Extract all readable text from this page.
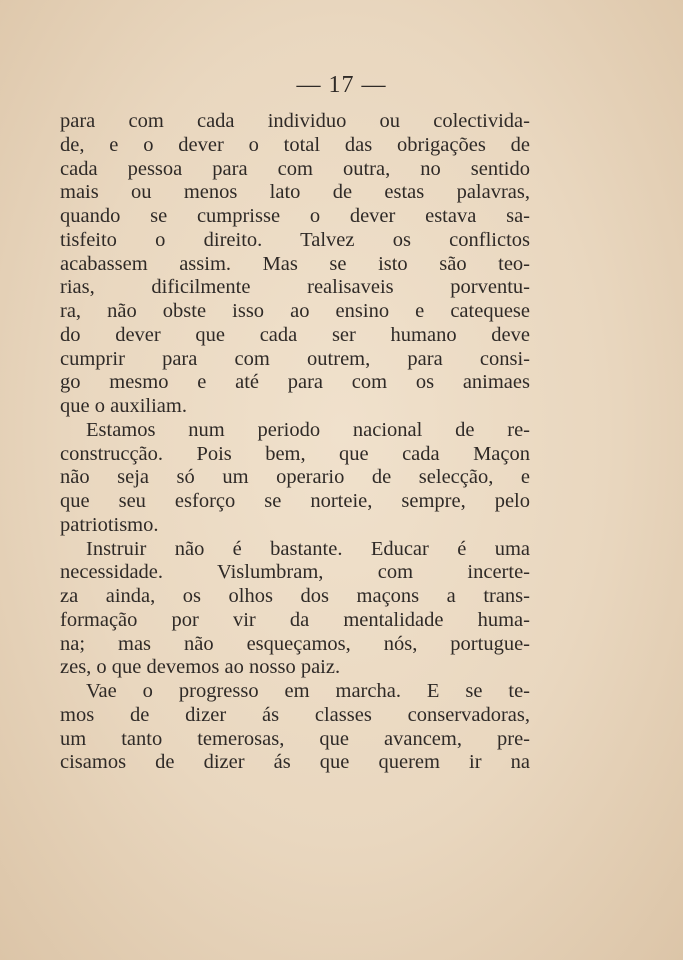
— 17 —
para com cada individuo ou colectivida-
de, e o dever o total das obrigações de
cada pessoa para com outra, no sentido
mais ou menos lato de estas palavras,
quando se cumprisse o dever estava sa-
tisfeito o direito. Talvez os conflictos
acabassem assim. Mas se isto são teo-
rias, dificilmente realisaveis porventu-
ra, não obste isso ao ensino e catequese
do dever que cada ser humano deve
cumprir para com outrem, para consi-
go mesmo e até para com os animaes
que o auxiliam.
Estamos num periodo nacional de re-
construcção. Pois bem, que cada Maçon
não seja só um operario de selecção, e
que seu esforço se norteie, sempre, pelo
patriotismo.
Instruir não é bastante. Educar é uma
necessidade. Vislumbram, com incerte-
za ainda, os olhos dos maçons a trans-
formação por vir da mentalidade huma-
na; mas não esqueçamos, nós, portugue-
zes, o que devemos ao nosso paiz.
Vae o progresso em marcha. E se te-
mos de dizer ás classes conservadoras,
um tanto temerosas, que avancem, pre-
cisamos de dizer ás que querem ir na
